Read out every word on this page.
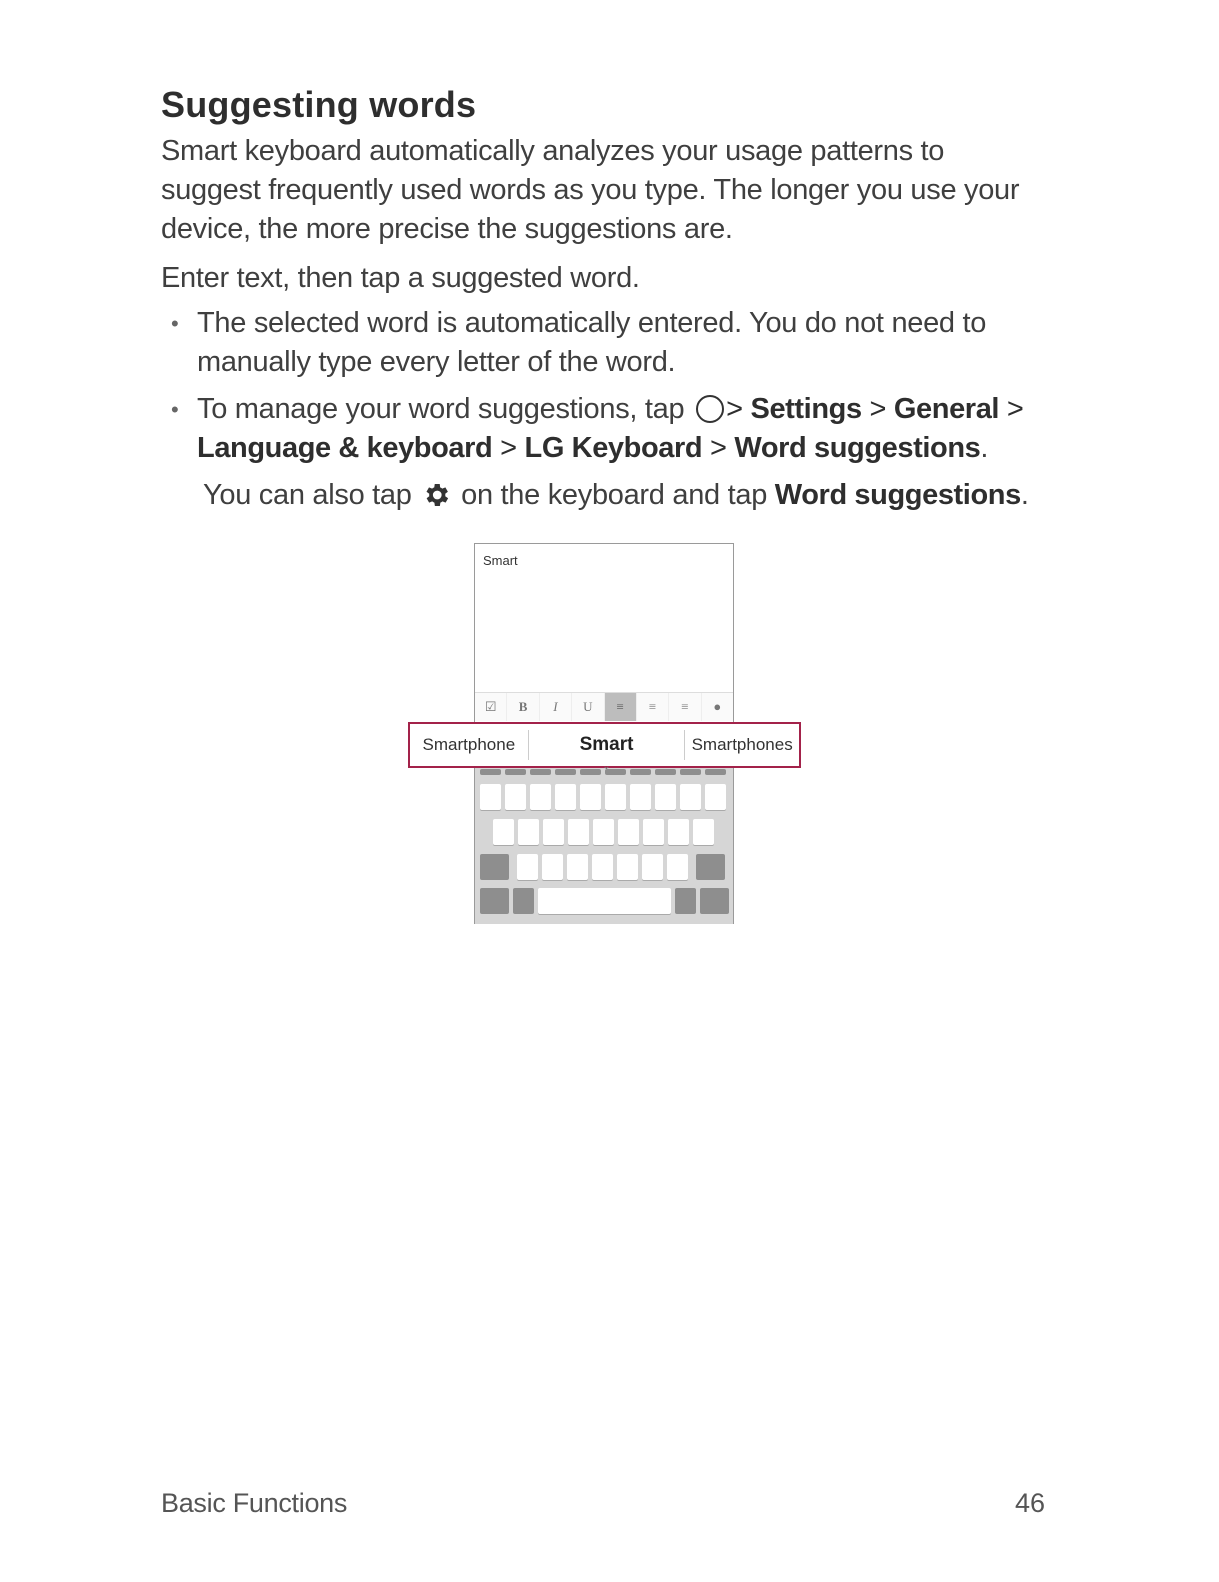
Suggesting words

Smart keyboard automatically analyzes your usage patterns to suggest frequently used words as you type. The longer you use your device, the more precise the suggestions are.

Enter text, then tap a suggested word.

• The selected word is automatically entered. You do not need to manually type every letter of the word.
• To manage your word suggestions, tap > Settings > General > Language & keyboard > LG Keyboard > Word suggestions.
You can also tap on the keyboard and tap Word suggestions.
Smart
☑	B	I	U	≡	≡	≡	●
Smartphone	Smart
⌄
Smartphones
Basic Functions	46
